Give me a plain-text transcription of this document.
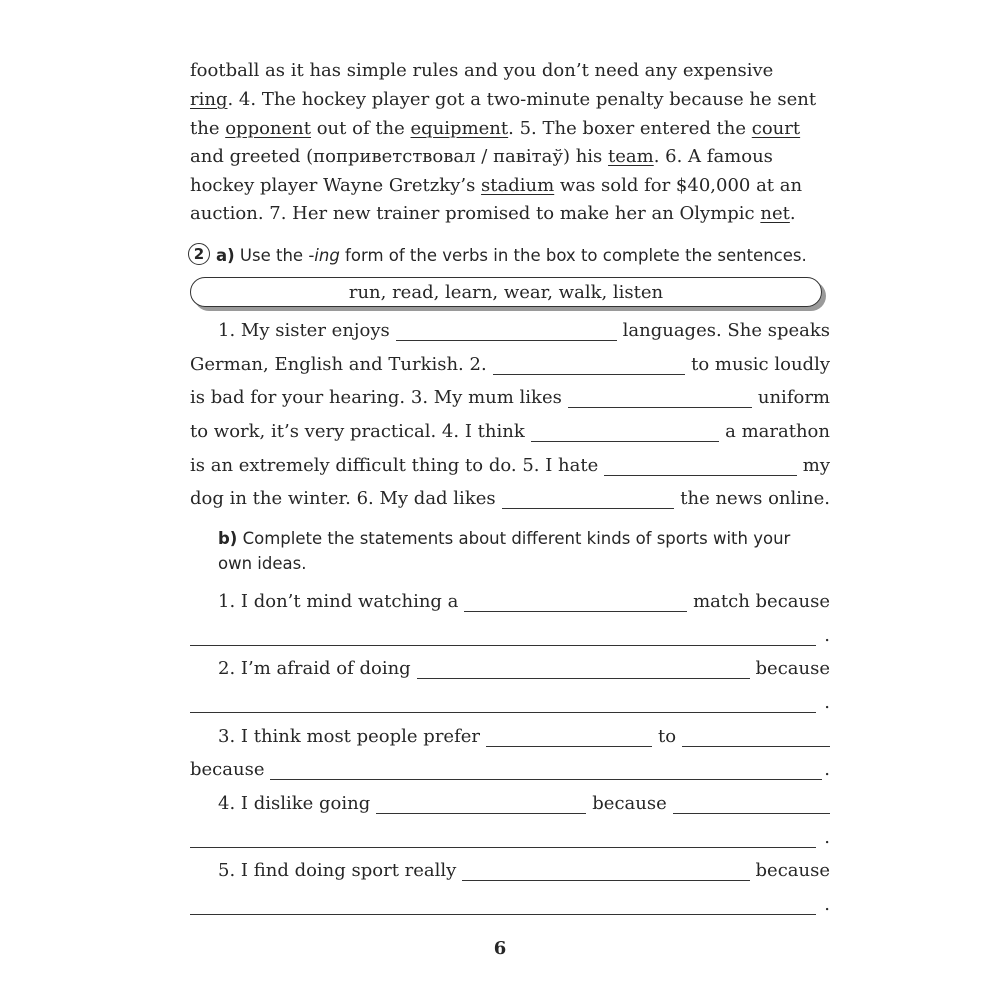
football as it has simple rules and you don’t need any expensive
ring . 4. The hockey player got a two-minute penalty because he sent
the opponent out of the equipment . 5. The boxer entered the court
and greeted (поприветствовал / павітаў) his team . 6. A famous
hockey player Wayne Gretzky’s stadium was sold for $40,000 at an
auction. 7. Her new trainer promised to make her an Olympic net .
2 a) Use the -ing form of the verbs in the box to complete the sentences.
run, read, learn, wear, walk, listen
1. My sister enjoys	languages. She speaks
German, English and Turkish. 2.	to music loudly
is bad for your hearing. 3. My mum likes	uniform
to work, it’s very practical. 4. I think	a marathon
is an extremely difficult thing to do. 5. I hate	my
dog in the winter. 6. My dad likes	the news online.
b) Complete the statements about different kinds of sports with your
own ideas.
1. I don’t mind watching a	match because
.
2. I’m afraid of doing	because
.
3. I think most people prefer	to
because	.
4. I dislike going	because
.
5. I find doing sport really	because
.
6
